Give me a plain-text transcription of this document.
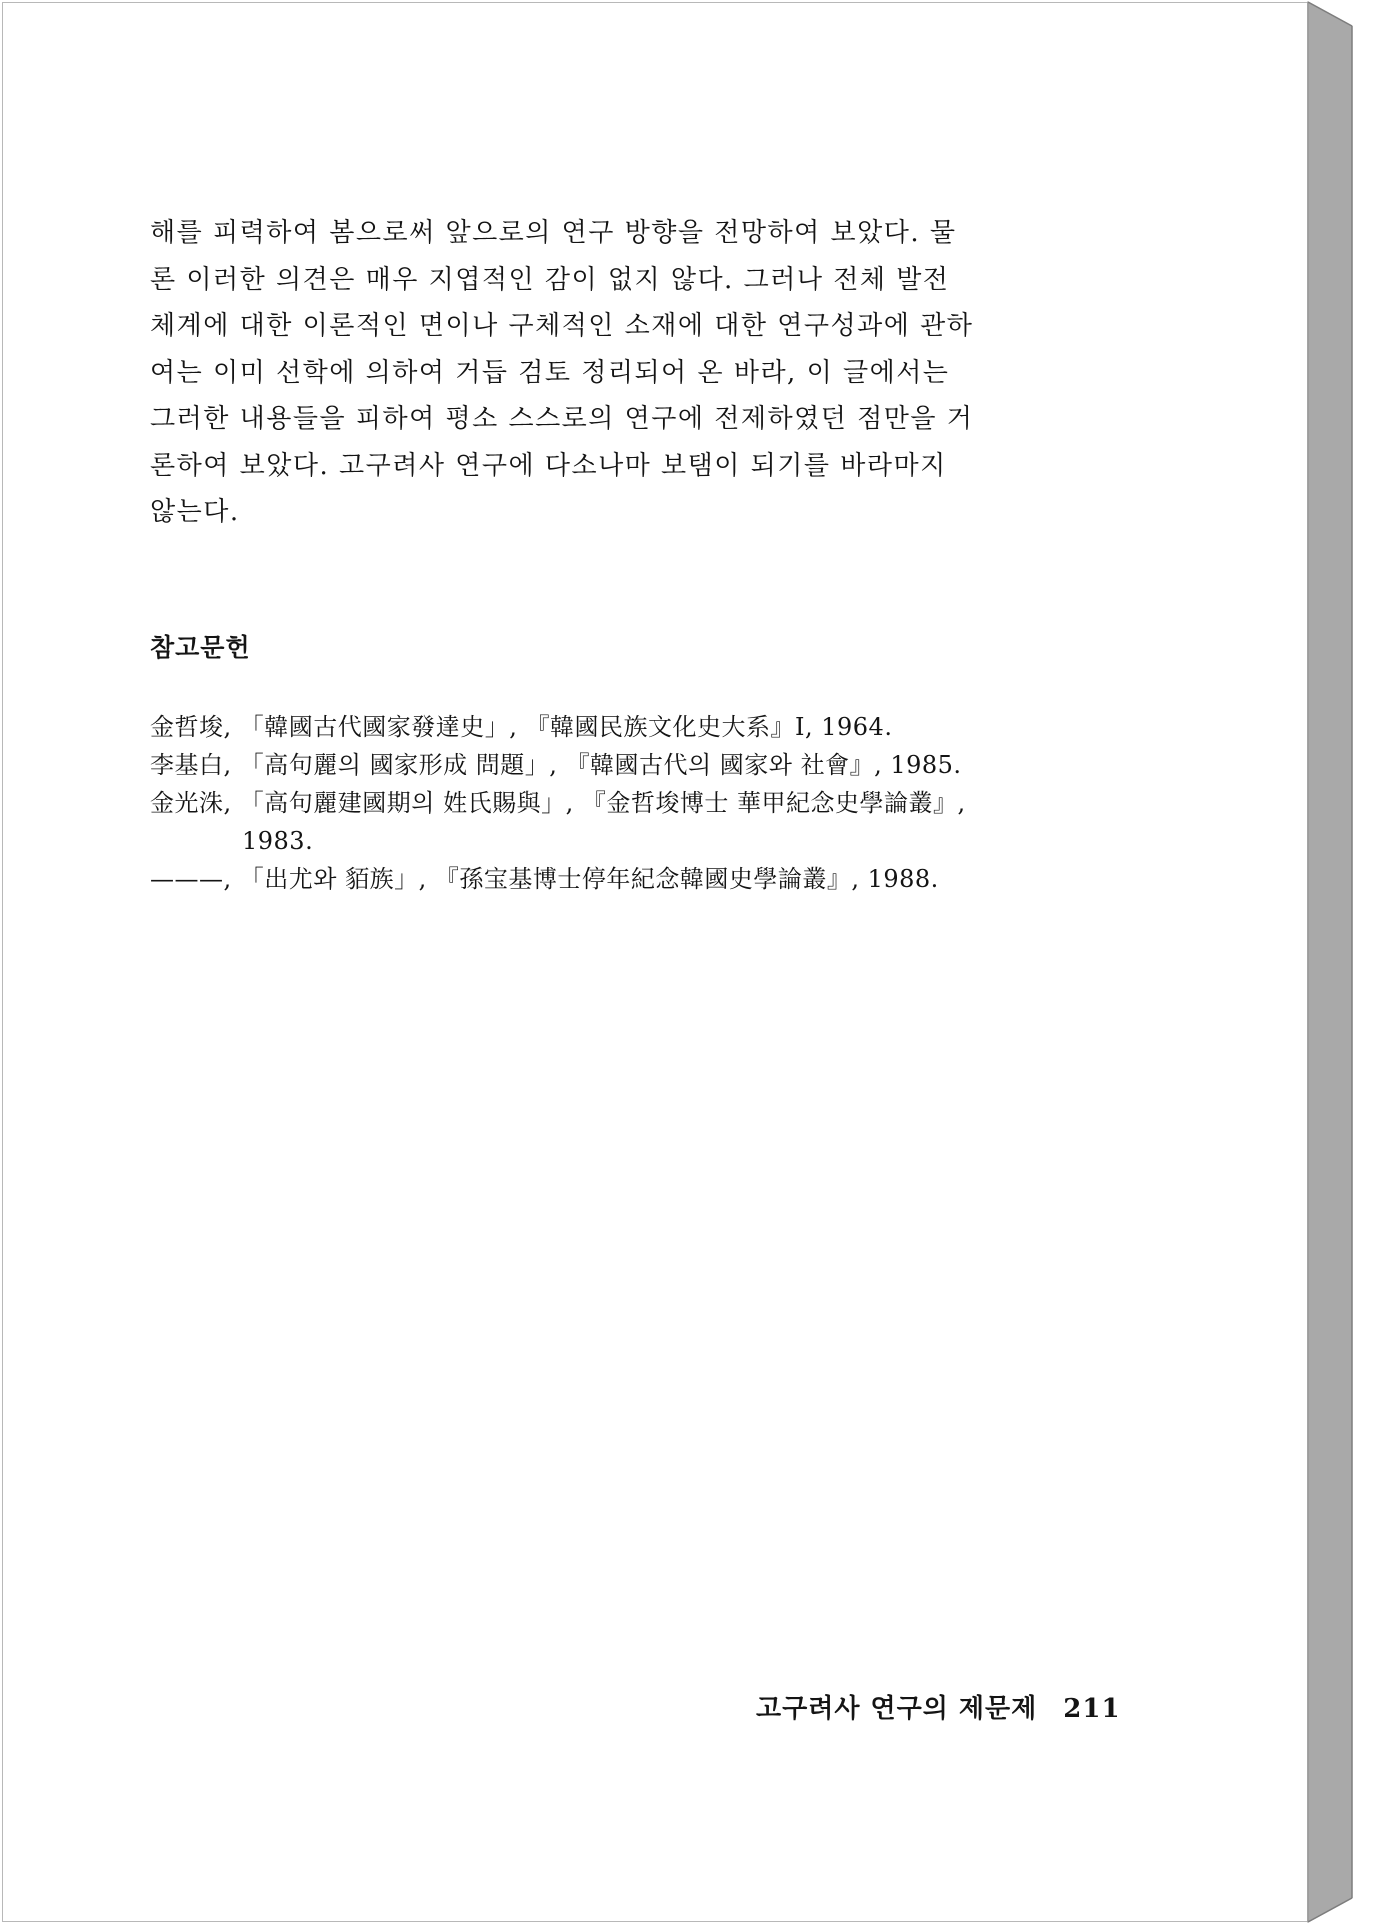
해를 피력하여 봄으로써 앞으로의 연구 방향을 전망하여 보았다. 물
론 이러한 의견은 매우 지엽적인 감이 없지 않다. 그러나 전체 발전
체계에 대한 이론적인 면이나 구체적인 소재에 대한 연구성과에 관하
여는 이미 선학에 의하여 거듭 검토 정리되어 온 바라, 이 글에서는
그러한 내용들을 피하여 평소 스스로의 연구에 전제하였던 점만을 거
론하여 보았다. 고구려사 연구에 다소나마 보탬이 되기를 바라마지
않는다.
참고문헌
金哲埈, 「韓國古代國家發達史」, 『韓國民族文化史大系』Ⅰ, 1964.
李基白, 「高句麗의 國家形成 問題」, 『韓國古代의 國家와 社會』, 1985.
金光洙, 「高句麗建國期의 姓氏賜與」, 『金哲埈博士 華甲紀念史學論叢』,
1983.
———, 「出尤와 貊族」, 『孫宝基博士停年紀念韓國史學論叢』, 1988.
고구려사 연구의 제문제 211
